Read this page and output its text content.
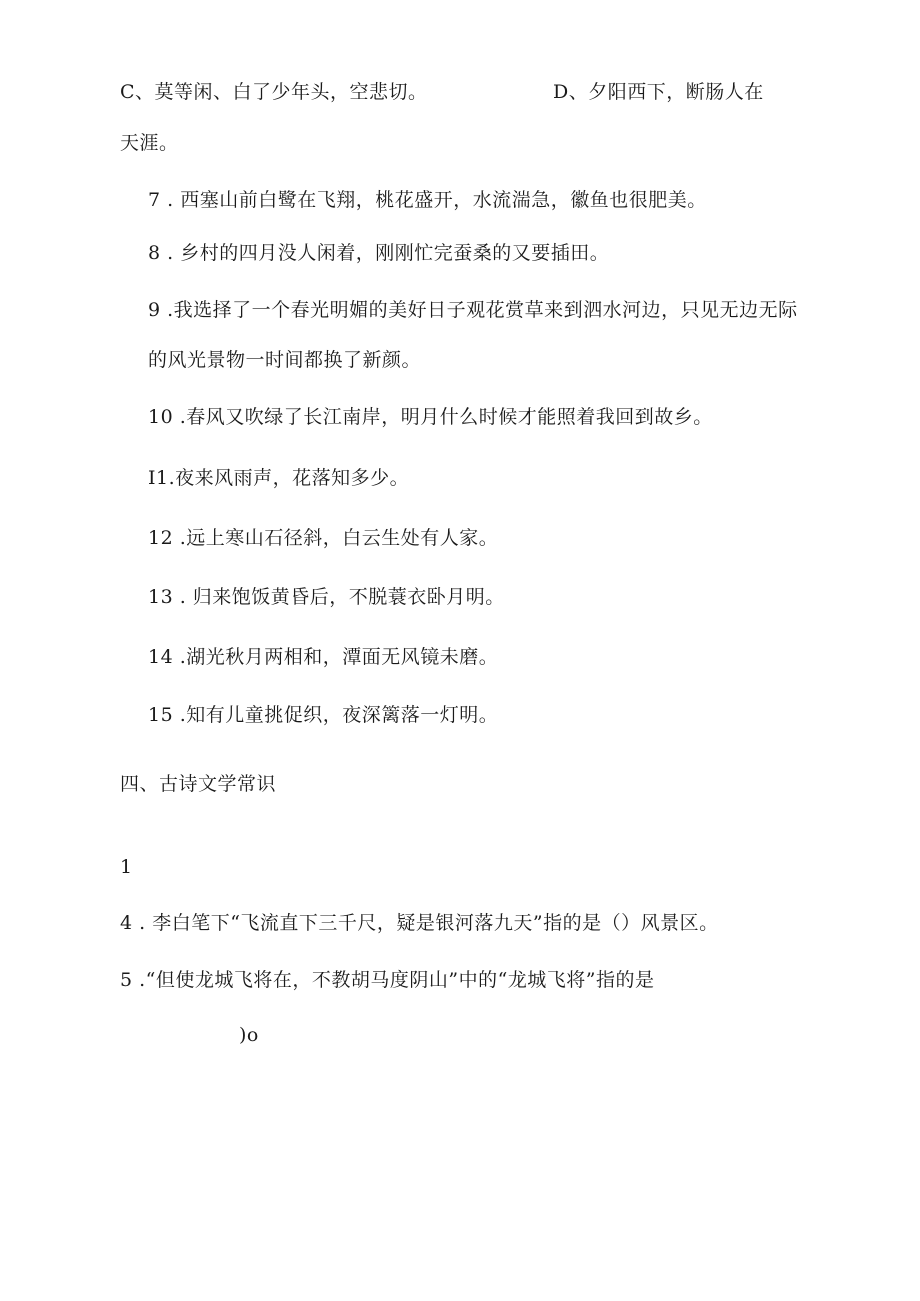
C、莫等闲、白了少年头，空悲切。	D、夕阳西下，断肠人在
天涯。
7 . 西塞山前白鹭在飞翔，桃花盛开，水流湍急，徽鱼也很肥美。
8 . 乡村的四月没人闲着，刚刚忙完蚕桑的又要插田。
9 .我选择了一个春光明媚的美好日子观花赏草来到泗水河边，只见无边无际
的风光景物一时间都换了新颜。
10 .春风又吹绿了长江南岸，明月什么时候才能照着我回到故乡。
I1.夜来风雨声，花落知多少。
12 .远上寒山石径斜，白云生处有人家。
13 . 归来饱饭黄昏后，不脱蓑衣卧月明。
14 .湖光秋月两相和，潭面无风镜未磨。
15 .知有儿童挑促织，夜深篱落一灯明。
四、古诗文学常识
1
4 . 李白笔下“飞流直下三千尺，疑是银河落九天”指的是（）风景区。
5 .“但使龙城飞将在，不教胡马度阴山”中的“龙城飞将”指的是
)o
